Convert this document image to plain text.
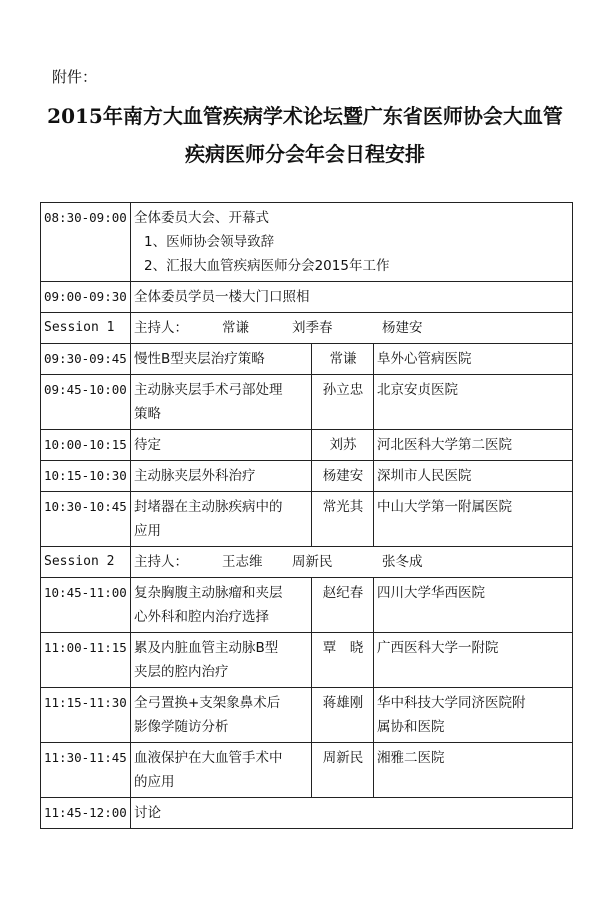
附件：
2015年南方大血管疾病学术论坛暨广东省医师协会大血管
疾病医师分会年会日程安排
08:30-09:00	全体委员大会、开幕式
1、医师协会领导致辞
2、汇报大血管疾病医师分会2015年工作		

09:00-09:30	全体委员学员一楼大门口照相		
Session 1	主持人： 常谦 刘季春 杨建安		

09:30-09:45	慢性B型夹层治疗策略	常谦	阜外心管病医院

09:45-10:00	主动脉夹层手术弓部处理
策略	孙立忠	北京安贞医院

10:00-10:15	待定	刘苏	河北医科大学第二医院

10:15-10:30	主动脉夹层外科治疗	杨建安	深圳市人民医院

10:30-10:45	封堵器在主动脉疾病中的
应用	常光其	中山大学第一附属医院

Session 2	主持人： 王志维 周新民 张冬成		

10:45-11:00	复杂胸腹主动脉瘤和夹层
心外科和腔内治疗选择	赵纪春	四川大学华西医院

11:00-11:15	累及内脏血管主动脉B型
夹层的腔内治疗	覃　晓	广西医科大学一附院

11:15-11:30	全弓置换+支架象鼻术后
影像学随访分析	蒋雄刚	华中科技大学同济医院附
属协和医院

11:30-11:45	血液保护在大血管手术中
的应用	周新民	湘雅二医院

11:45-12:00	讨论		
